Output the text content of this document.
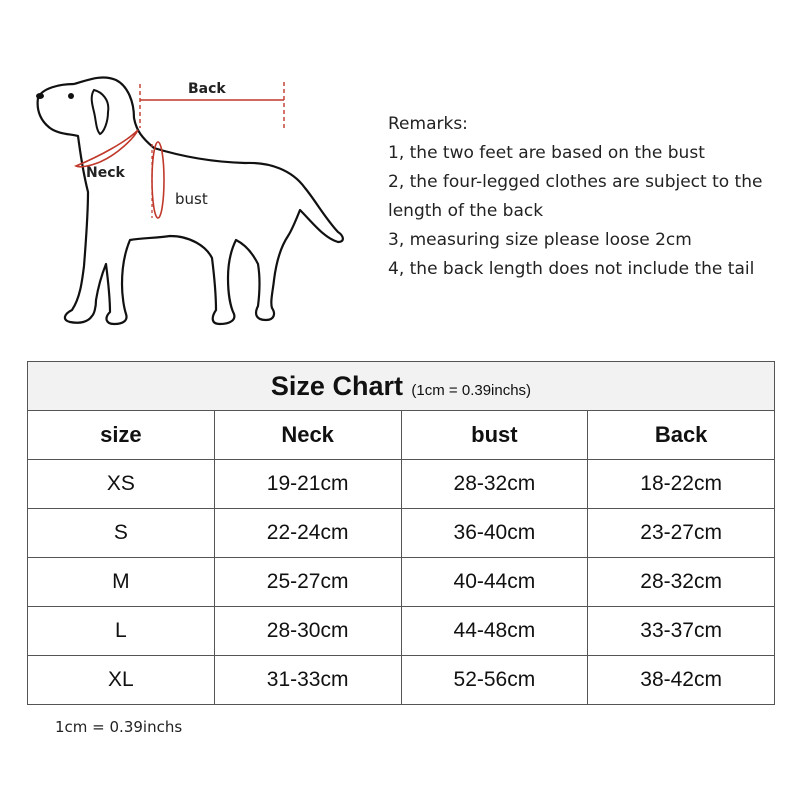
Back
Neck
bust
Remarks:
1, the two feet are based on the bust
2, the four-legged clothes are subject to the
length of the back
3, measuring size please loose 2cm
4, the back length does not include the tail
Size Chart (1cm = 0.39inchs)			
size	Neck	bust	Back
XS	19-21cm	28-32cm	18-22cm
S	22-24cm	36-40cm	23-27cm
M	25-27cm	40-44cm	28-32cm
L	28-30cm	44-48cm	33-37cm
XL	31-33cm	52-56cm	38-42cm
1cm = 0.39inchs
